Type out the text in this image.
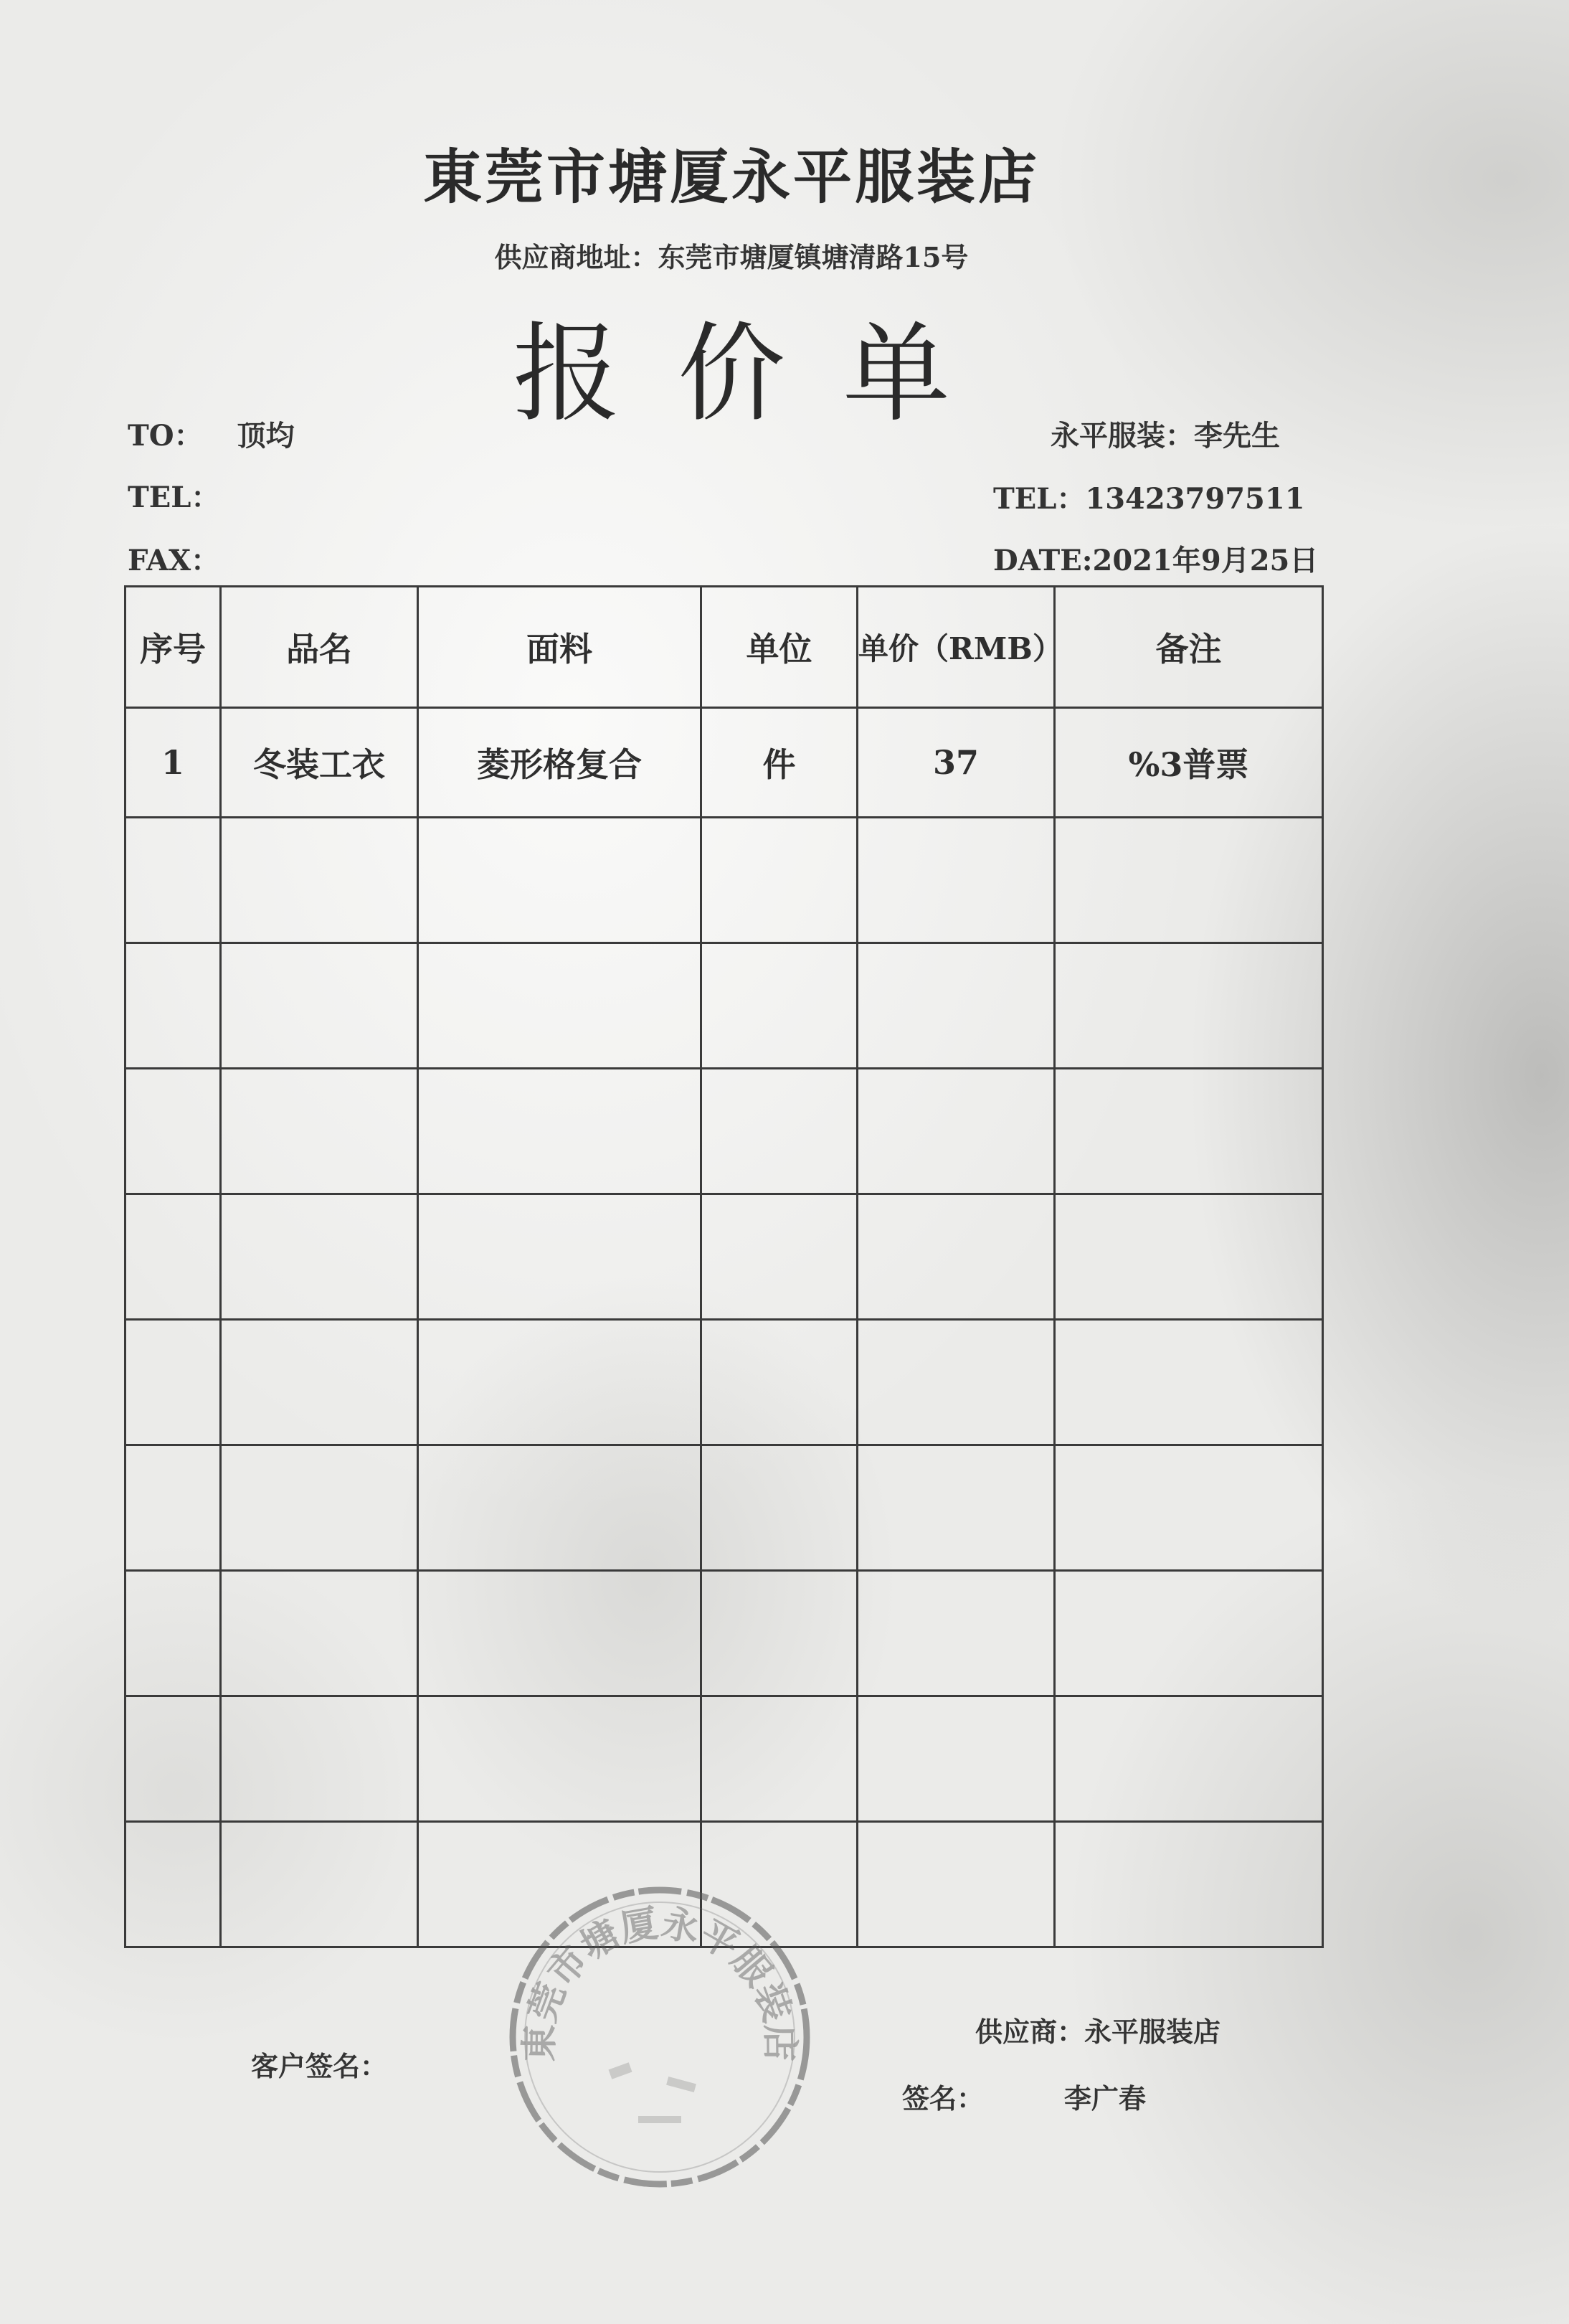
東莞市塘厦永平服装店
供应商地址：东莞市塘厦镇塘清路15号
报价单
TO： 顶均
TEL：
FAX：
永平服装：李先生
TEL：13423797511
DATE:2021年9月25日
序号	品名	面料	单位	单价（RMB）	备注
1	冬装工衣	菱形格复合	件	37	%3普票

東莞市塘厦永平服装店
客户签名：
供应商：永平服装店
签名：	李广春
